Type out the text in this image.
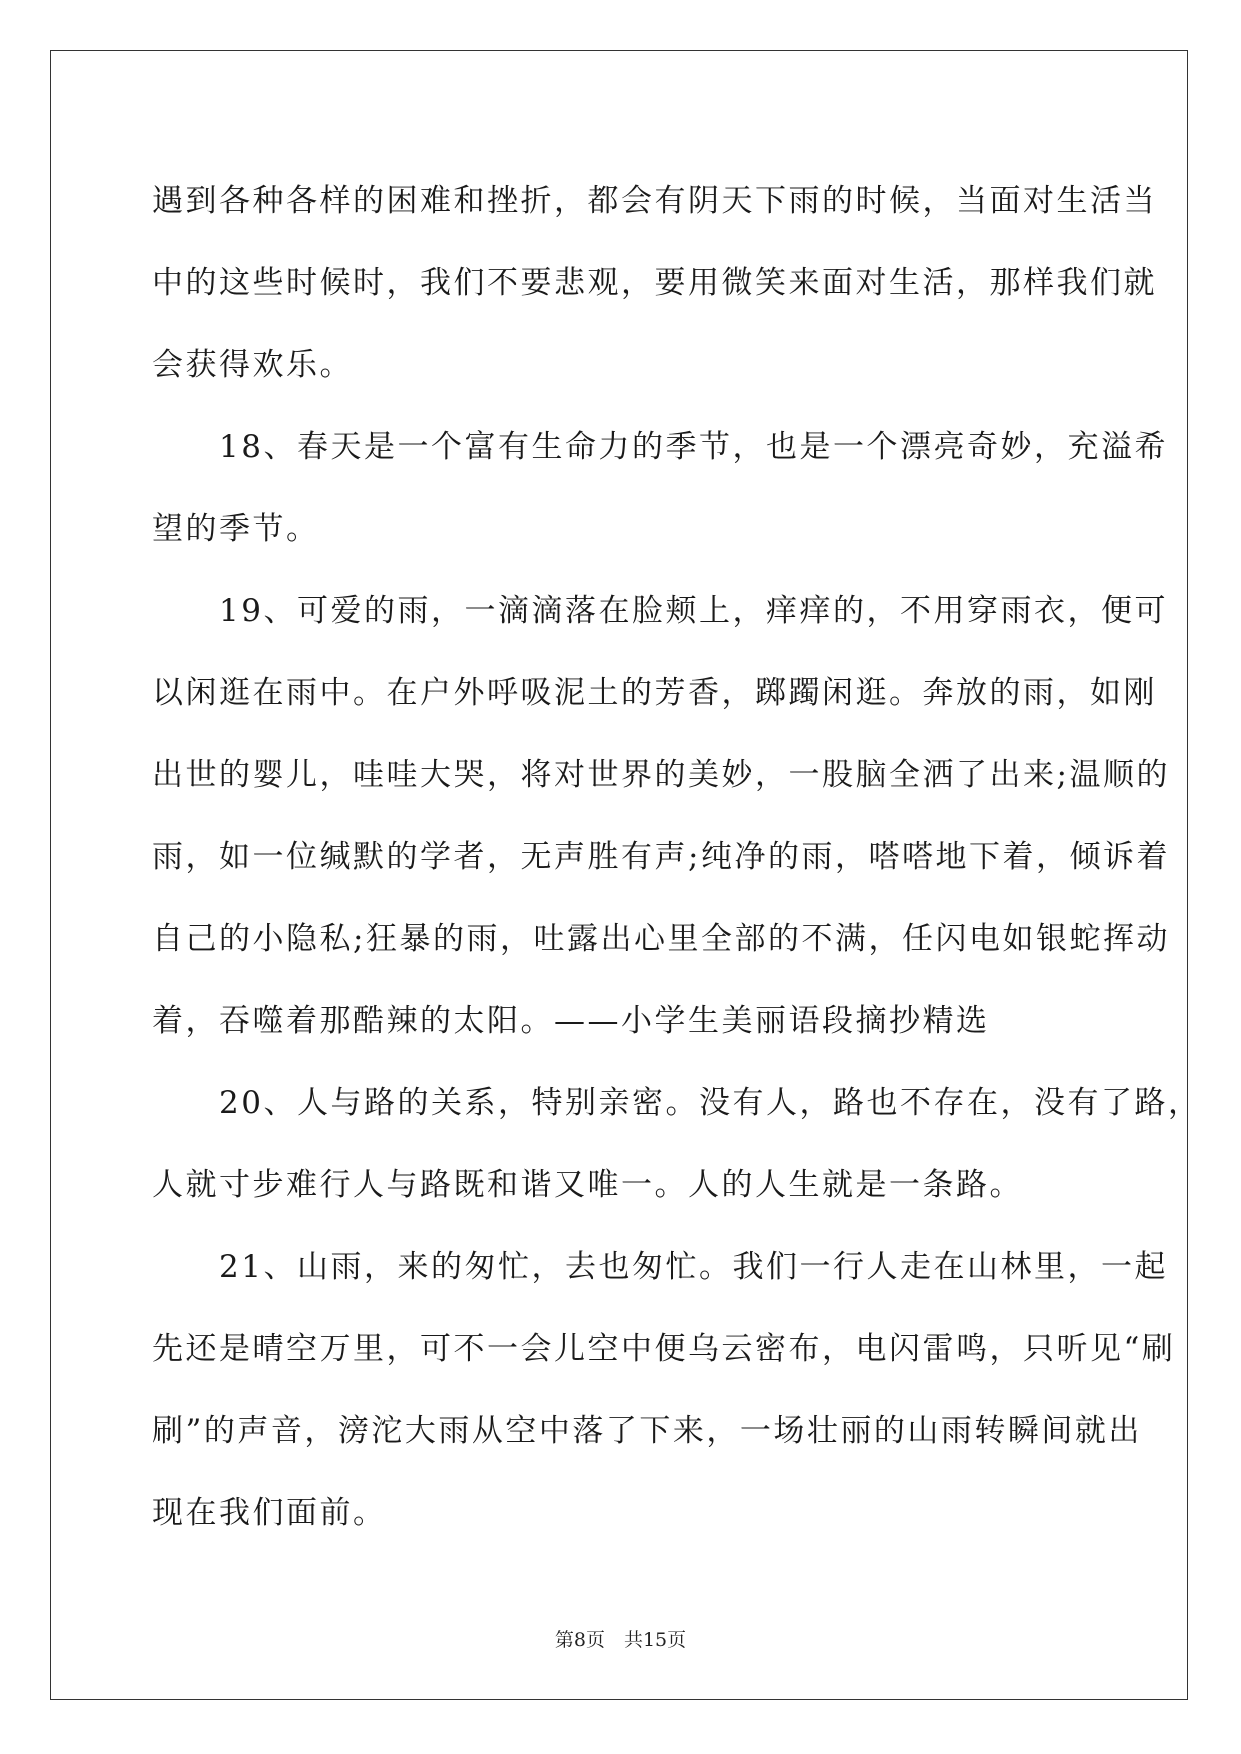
遇到各种各样的困难和挫折，都会有阴天下雨的时候，当面对生活当
中的这些时候时，我们不要悲观，要用微笑来面对生活，那样我们就
会获得欢乐。
　　18、春天是一个富有生命力的季节，也是一个漂亮奇妙，充溢希
望的季节。
　　19、可爱的雨，一滴滴落在脸颊上，痒痒的，不用穿雨衣，便可
以闲逛在雨中。在户外呼吸泥土的芳香，踯躅闲逛。奔放的雨，如刚
出世的婴儿，哇哇大哭，将对世界的美妙，一股脑全洒了出来;温顺的
雨，如一位缄默的学者，无声胜有声;纯净的雨，嗒嗒地下着，倾诉着
自己的小隐私;狂暴的雨，吐露出心里全部的不满，任闪电如银蛇挥动
着，吞噬着那酷辣的太阳。——小学生美丽语段摘抄精选
　　20、人与路的关系，特别亲密。没有人，路也不存在，没有了路，
人就寸步难行人与路既和谐又唯一。人的人生就是一条路。
　　21、山雨，来的匆忙，去也匆忙。我们一行人走在山林里，一起
先还是晴空万里，可不一会儿空中便乌云密布，电闪雷鸣，只听见“刷
刷”的声音，滂沱大雨从空中落了下来，一场壮丽的山雨转瞬间就出
现在我们面前。
第8页　共15页
